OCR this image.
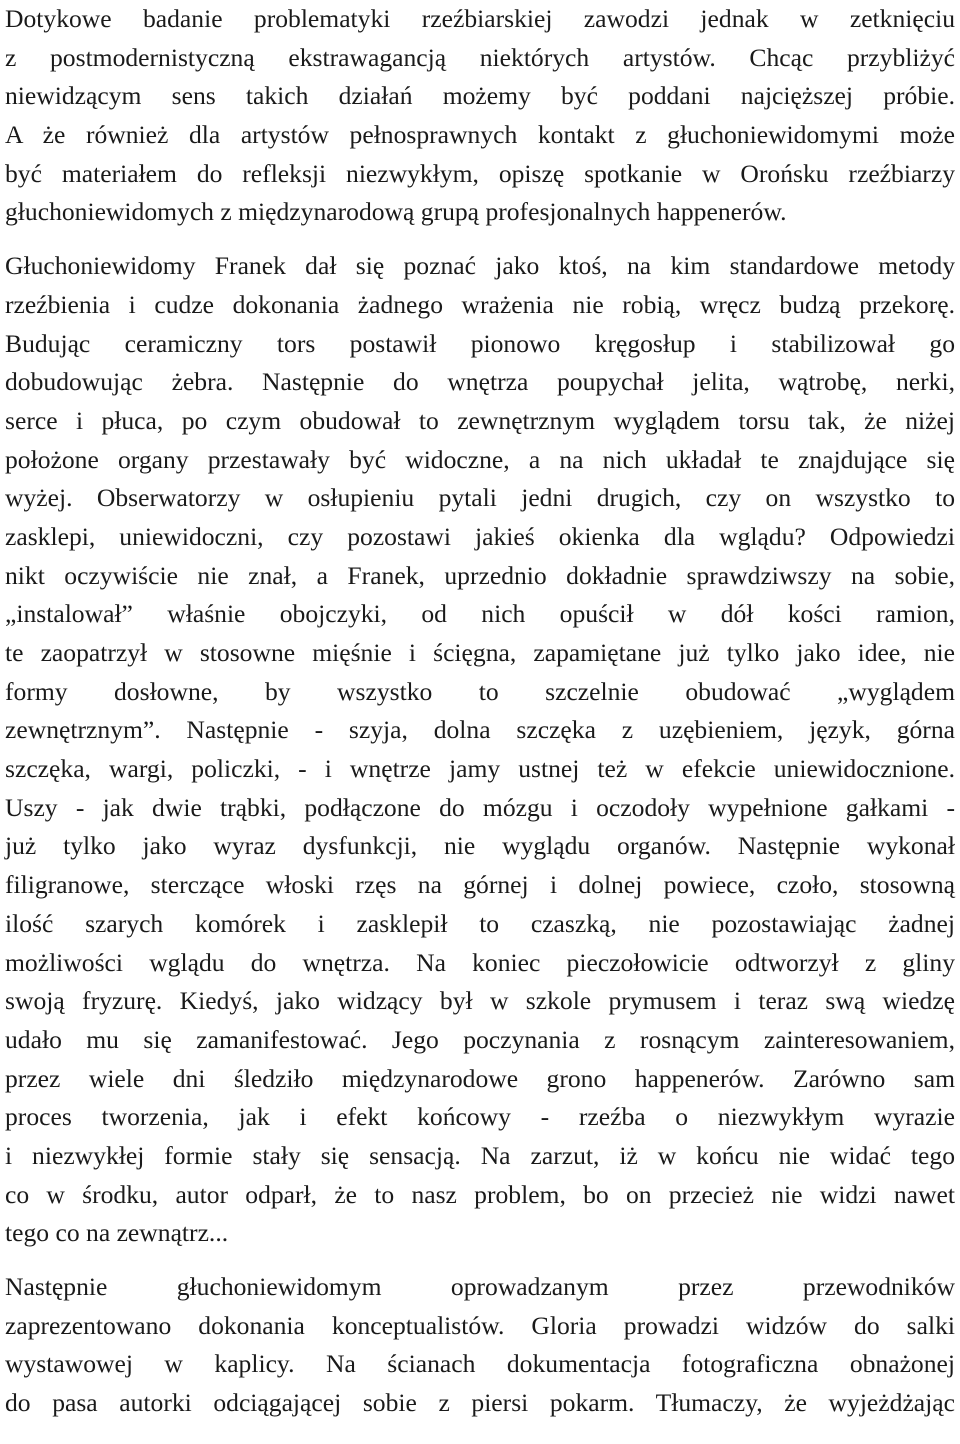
Dotykowe badanie problematyki rzeźbiarskiej zawodzi jednak w zetknięciu
z postmodernistyczną ekstrawagancją niektórych artystów. Chcąc przybliżyć
niewidzącym sens takich działań możemy być poddani najcięższej próbie.
A że również dla artystów pełnosprawnych kontakt z głuchoniewidomymi może
być materiałem do refleksji niezwykłym, opiszę spotkanie w Orońsku rzeźbiarzy
głuchoniewidomych z międzynarodową grupą profesjonalnych happenerów.
Głuchoniewidomy Franek dał się poznać jako ktoś, na kim standardowe metody
rzeźbienia i cudze dokonania żadnego wrażenia nie robią, wręcz budzą przekorę.
Budując ceramiczny tors postawił pionowo kręgosłup i stabilizował go
dobudowując żebra. Następnie do wnętrza poupychał jelita, wątrobę, nerki,
serce i płuca, po czym obudował to zewnętrznym wyglądem torsu tak, że niżej
położone organy przestawały być widoczne, a na nich układał te znajdujące się
wyżej. Obserwatorzy w osłupieniu pytali jedni drugich, czy on wszystko to
zasklepi, uniewidoczni, czy pozostawi jakieś okienka dla wglądu? Odpowiedzi
nikt oczywiście nie znał, a Franek, uprzednio dokładnie sprawdziwszy na sobie,
„instalował” właśnie obojczyki, od nich opuścił w dół kości ramion,
te zaopatrzył w stosowne mięśnie i ścięgna, zapamiętane już tylko jako idee, nie
formy dosłowne, by wszystko to szczelnie obudować „wyglądem
zewnętrznym”. Następnie - szyja, dolna szczęka z uzębieniem, język, górna
szczęka, wargi, policzki, - i wnętrze jamy ustnej też w efekcie uniewidocznione.
Uszy - jak dwie trąbki, podłączone do mózgu i oczodoły wypełnione gałkami -
już tylko jako wyraz dysfunkcji, nie wyglądu organów. Następnie wykonał
filigranowe, sterczące włoski rzęs na górnej i dolnej powiece, czoło, stosowną
ilość szarych komórek i zasklepił to czaszką, nie pozostawiając żadnej
możliwości wglądu do wnętrza. Na koniec pieczołowicie odtworzył z gliny
swoją fryzurę. Kiedyś, jako widzący był w szkole prymusem i teraz swą wiedzę
udało mu się zamanifestować. Jego poczynania z rosnącym zainteresowaniem,
przez wiele dni śledziło międzynarodowe grono happenerów. Zarówno sam
proces tworzenia, jak i efekt końcowy - rzeźba o niezwykłym wyrazie
i niezwykłej formie stały się sensacją. Na zarzut, iż w końcu nie widać tego
co w środku, autor odparł, że to nasz problem, bo on przecież nie widzi nawet
tego co na zewnątrz...
Następnie głuchoniewidomym oprowadzanym przez przewodników
zaprezentowano dokonania konceptualistów. Gloria prowadzi widzów do salki
wystawowej w kaplicy. Na ścianach dokumentacja fotograficzna obnażonej
do pasa autorki odciągającej sobie z piersi pokarm. Tłumaczy, że wyjeżdżając
